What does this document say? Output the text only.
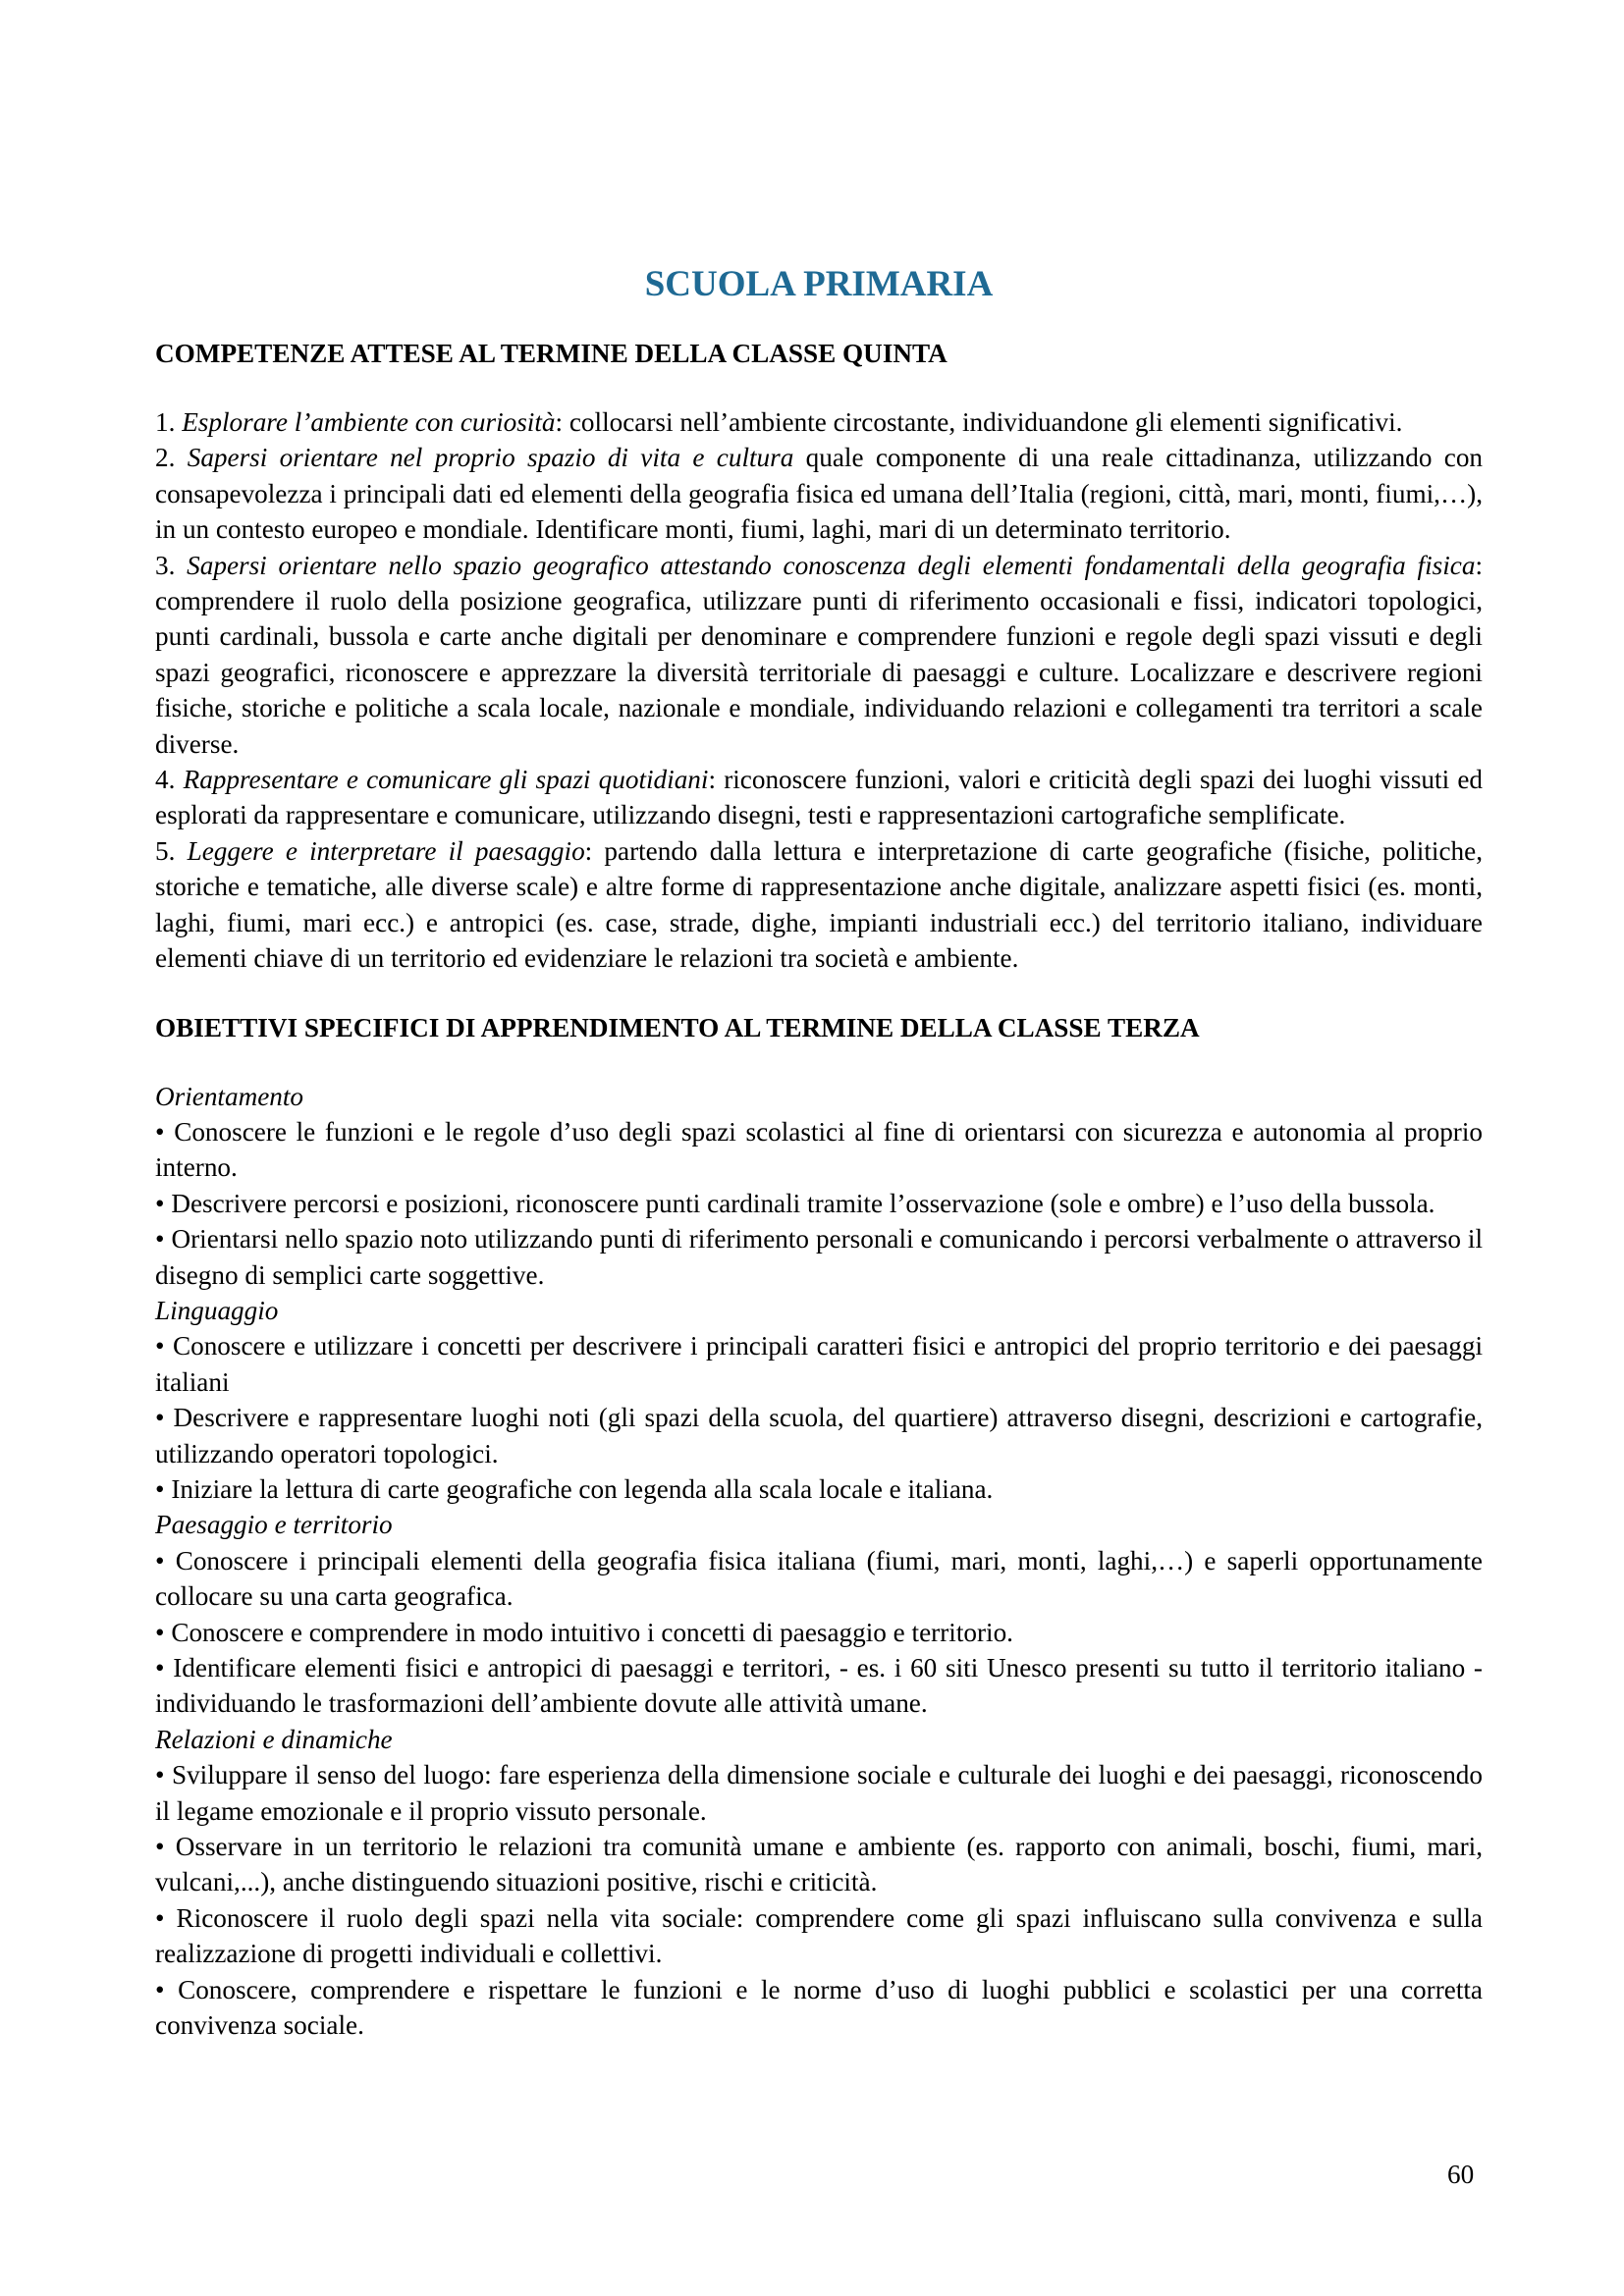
SCUOLA PRIMARIA
COMPETENZE ATTESE AL TERMINE DELLA CLASSE QUINTA

1. Esplorare l’ambiente con curiosità: collocarsi nell’ambiente circostante, individuandone gli elementi significativi.

2. Sapersi orientare nel proprio spazio di vita e cultura quale componente di una reale cittadinanza, utilizzando con consapevolezza i principali dati ed elementi della geografia fisica ed umana dell’Italia (regioni, città, mari, monti, fiumi,…), in un contesto europeo e mondiale. Identificare monti, fiumi, laghi, mari di un determinato territorio.

3. Sapersi orientare nello spazio geografico attestando conoscenza degli elementi fondamentali della geografia fisica: comprendere il ruolo della posizione geografica, utilizzare punti di riferimento occasionali e fissi, indicatori topologici, punti cardinali, bussola e carte anche digitali per denominare e comprendere funzioni e regole degli spazi vissuti e degli spazi geografici, riconoscere e apprezzare la diversità territoriale di paesaggi e culture. Localizzare e descrivere regioni fisiche, storiche e politiche a scala locale, nazionale e mondiale, individuando relazioni e collegamenti tra territori a scale diverse.

4. Rappresentare e comunicare gli spazi quotidiani: riconoscere funzioni, valori e criticità degli spazi dei luoghi vissuti ed esplorati da rappresentare e comunicare, utilizzando disegni, testi e rappresentazioni cartografiche semplificate.

5. Leggere e interpretare il paesaggio: partendo dalla lettura e interpretazione di carte geografiche (fisiche, politiche, storiche e tematiche, alle diverse scale) e altre forme di rappresentazione anche digitale, analizzare aspetti fisici (es. monti, laghi, fiumi, mari ecc.) e antropici (es. case, strade, dighe, impianti industriali ecc.) del territorio italiano, individuare elementi chiave di un territorio ed evidenziare le relazioni tra società e ambiente.

OBIETTIVI SPECIFICI DI APPRENDIMENTO AL TERMINE DELLA CLASSE TERZA

Orientamento

• Conoscere le funzioni e le regole d’uso degli spazi scolastici al fine di orientarsi con sicurezza e autonomia al proprio interno.

• Descrivere percorsi e posizioni, riconoscere punti cardinali tramite l’osservazione (sole e ombre) e l’uso della bussola.

• Orientarsi nello spazio noto utilizzando punti di riferimento personali e comunicando i percorsi verbalmente o attraverso il disegno di semplici carte soggettive.

Linguaggio

• Conoscere e utilizzare i concetti per descrivere i principali caratteri fisici e antropici del proprio territorio e dei paesaggi italiani

• Descrivere e rappresentare luoghi noti (gli spazi della scuola, del quartiere) attraverso disegni, descrizioni e cartografie, utilizzando operatori topologici.

• Iniziare la lettura di carte geografiche con legenda alla scala locale e italiana.

Paesaggio e territorio

• Conoscere i principali elementi della geografia fisica italiana (fiumi, mari, monti, laghi,…) e saperli opportunamente collocare su una carta geografica.

• Conoscere e comprendere in modo intuitivo i concetti di paesaggio e territorio.

• Identificare elementi fisici e antropici di paesaggi e territori, - es. i 60 siti Unesco presenti su tutto il territorio italiano - individuando le trasformazioni dell’ambiente dovute alle attività umane.

Relazioni e dinamiche

• Sviluppare il senso del luogo: fare esperienza della dimensione sociale e culturale dei luoghi e dei paesaggi, riconoscendo il legame emozionale e il proprio vissuto personale.

• Osservare in un territorio le relazioni tra comunità umane e ambiente (es. rapporto con animali, boschi, fiumi, mari, vulcani,...), anche distinguendo situazioni positive, rischi e criticità.

• Riconoscere il ruolo degli spazi nella vita sociale: comprendere come gli spazi influiscano sulla convivenza e sulla realizzazione di progetti individuali e collettivi.

• Conoscere, comprendere e rispettare le funzioni e le norme d’uso di luoghi pubblici e scolastici per una corretta convivenza sociale.

60
